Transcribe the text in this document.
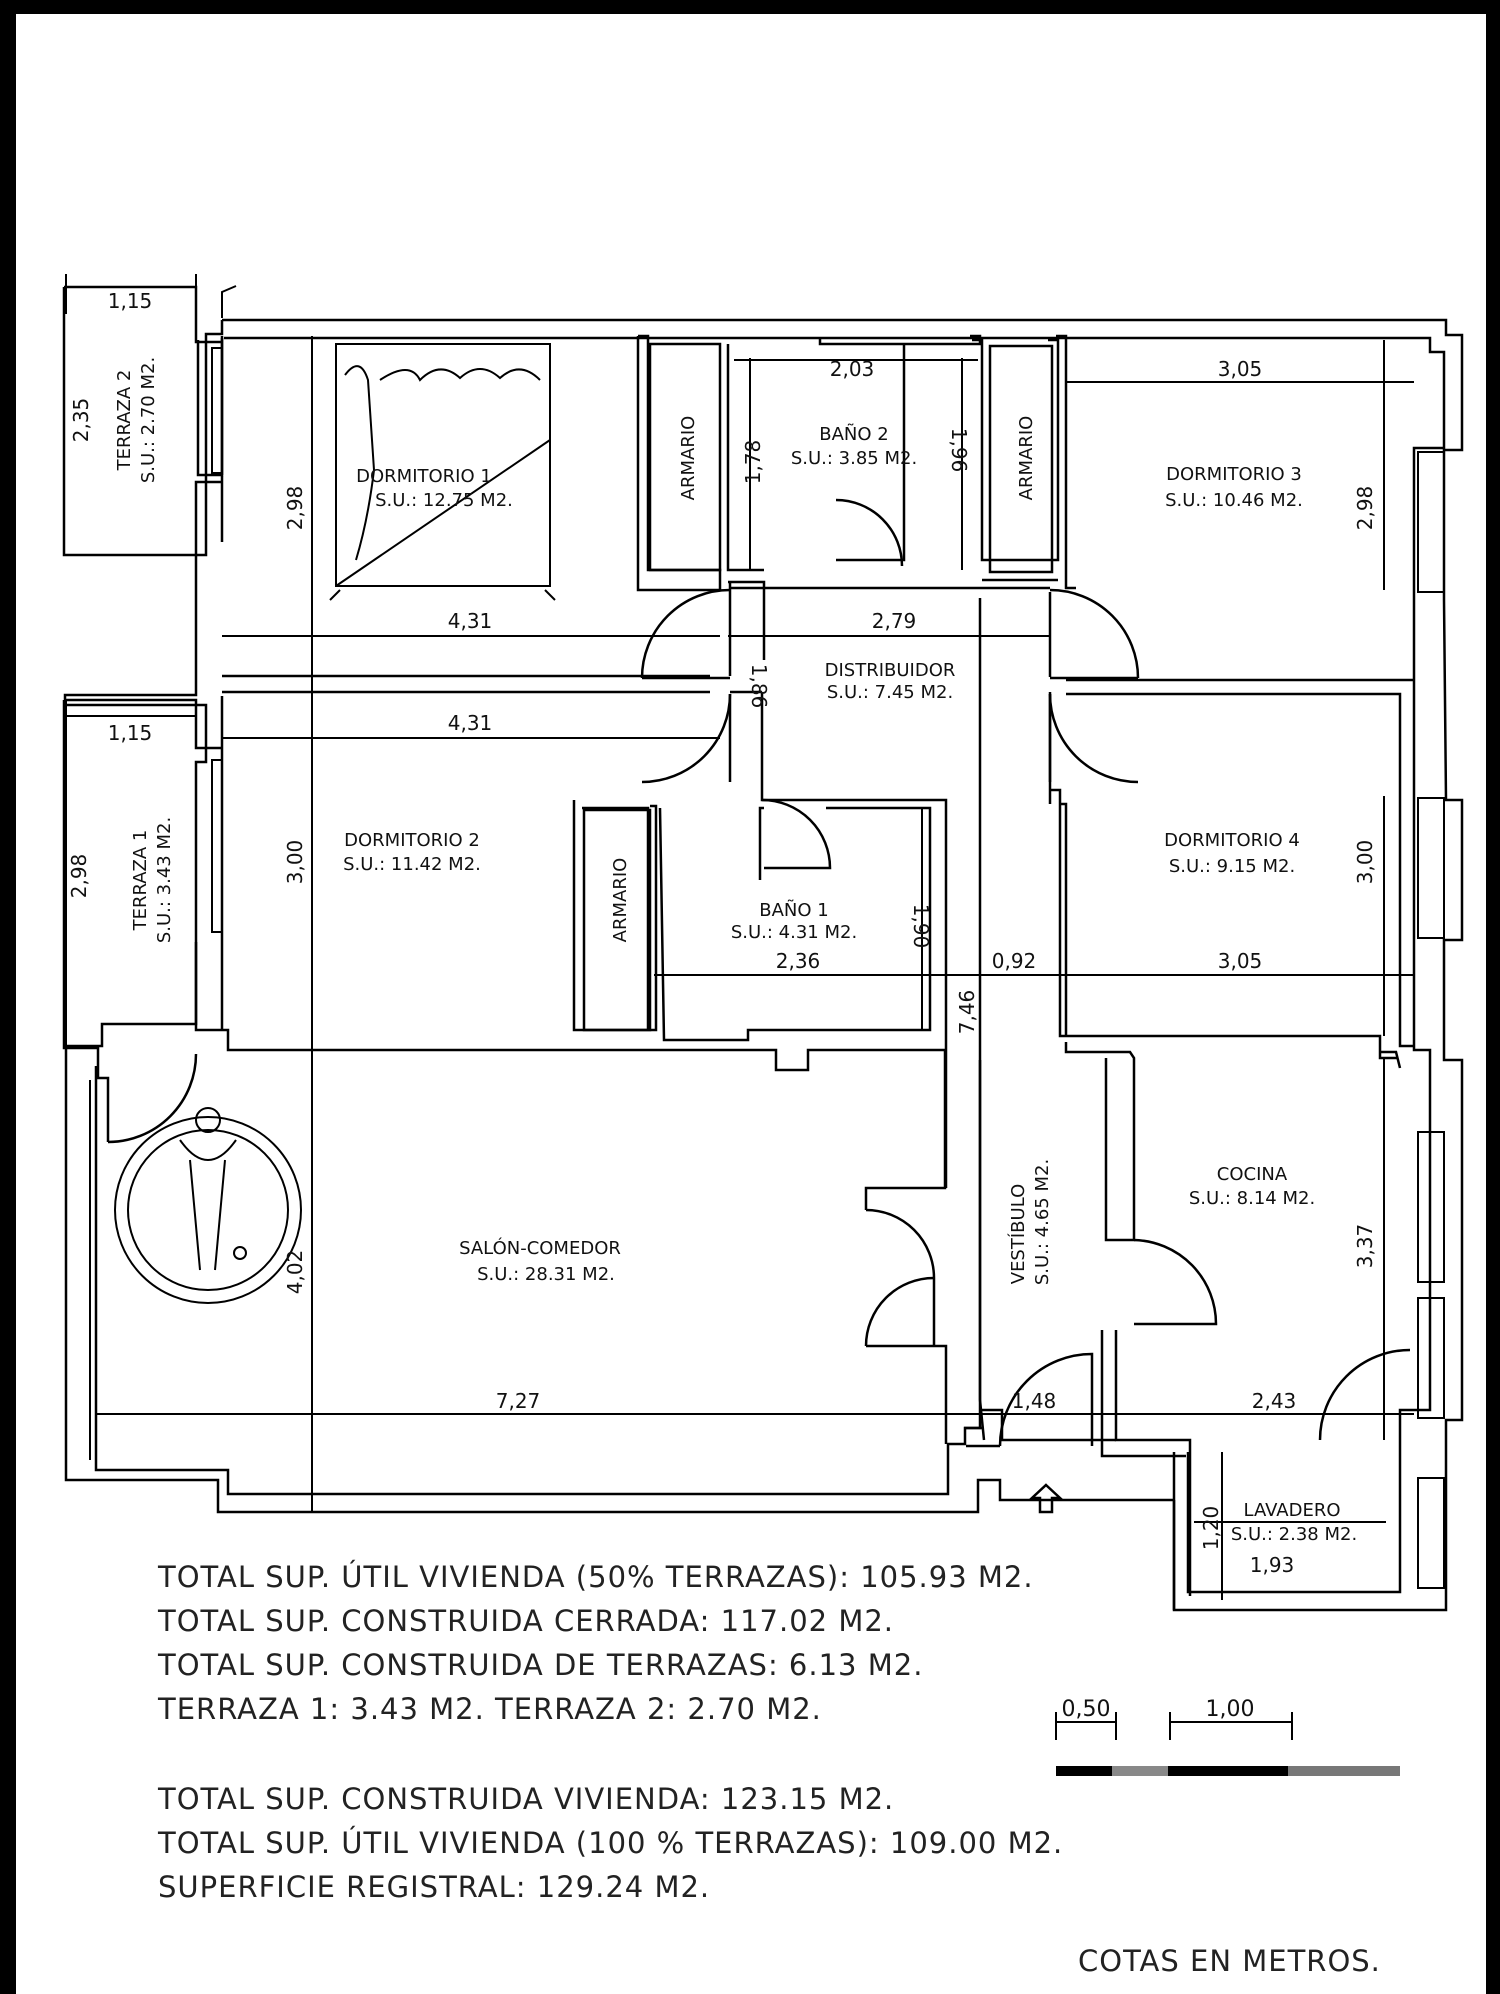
1,15
2,35
1,15
2,98
4,31
2,98
2,03
1,78	1,96
3,05
2,98
2,79
1,86
4,31
3,00
2,36
1,90
0,92
7,46
3,05
3,00
7,27
4,02
1,48	2,43
3,37
1,93
1,20
DORMITORIO 1
S.U.: 12.75 M2.
BAÑO 2
S.U.: 3.85 M2.
DORMITORIO 3
S.U.: 10.46 M2.
DISTRIBUIDOR
S.U.: 7.45 M2.
DORMITORIO 2
S.U.: 11.42 M2.
BAÑO 1
S.U.: 4.31 M2.
DORMITORIO 4
S.U.: 9.15 M2.
COCINA
S.U.: 8.14 M2.
SALÓN-COMEDOR
S.U.: 28.31 M2.	VESTÍBULO S.U.: 4.65 M2.
LAVADERO
S.U.: 2.38 M2.
TERRAZA 2 S.U.: 2.70 M2.
TERRAZA 1 S.U.: 3.43 M2.
ARMARIO	ARMARIO
ARMARIO
0,50	1,00
TOTAL SUP. ÚTIL VIVIENDA (50% TERRAZAS): 105.93 M2.
TOTAL SUP. CONSTRUIDA CERRADA: 117.02 M2.
TOTAL SUP. CONSTRUIDA DE TERRAZAS: 6.13 M2.
TERRAZA 1: 3.43 M2. TERRAZA 2: 2.70 M2.
TOTAL SUP. CONSTRUIDA VIVIENDA: 123.15 M2.
TOTAL SUP. ÚTIL VIVIENDA (100 % TERRAZAS): 109.00 M2.
SUPERFICIE REGISTRAL: 129.24 M2.
COTAS EN METROS.
